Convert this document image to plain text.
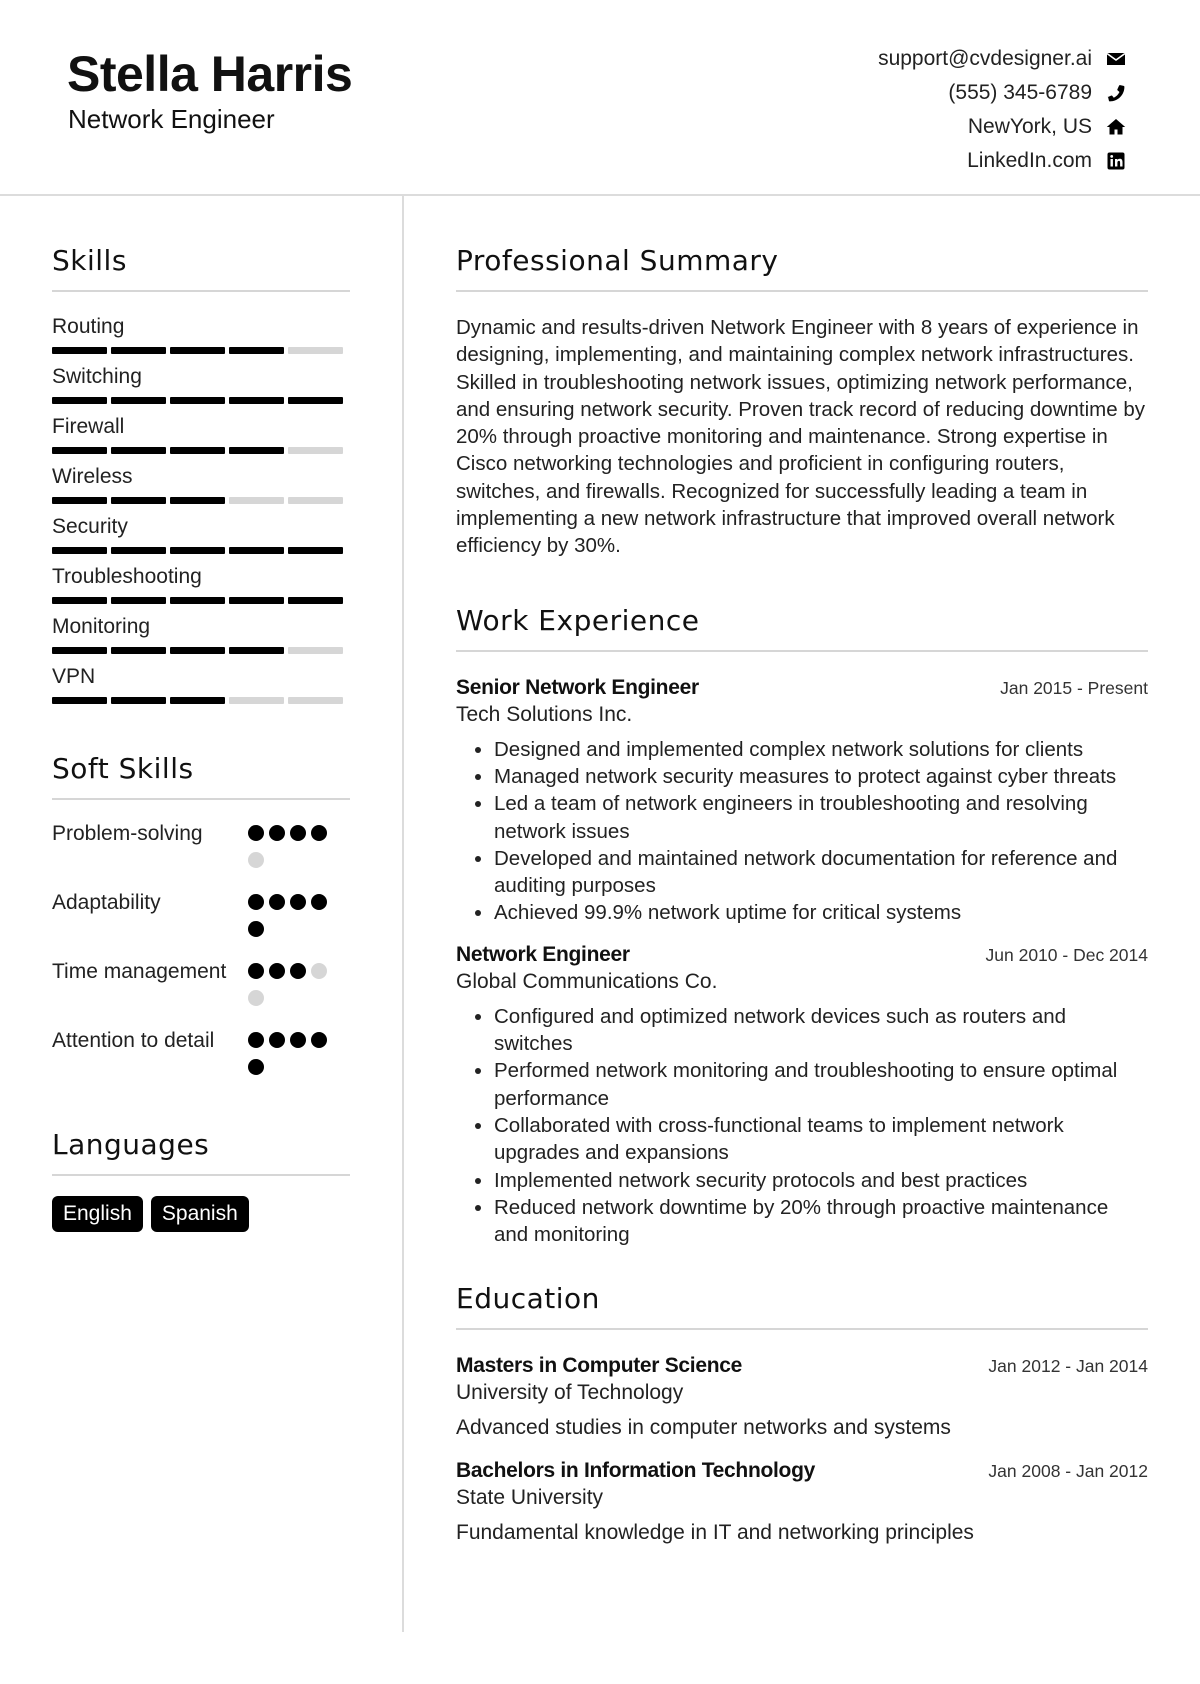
Stella Harris
Network Engineer
support@cvdesigner.ai
(555) 345-6789
NewYork, US
LinkedIn.com
Skills
Routing
Switching
Firewall
Wireless
Security
Troubleshooting
Monitoring
VPN
Soft Skills
Problem-solving
Adaptability
Time management
Attention to detail
Languages
English	Spanish
Professional Summary
Dynamic and results-driven Network Engineer with 8 years of experience in designing, implementing, and maintaining complex network infrastructures. Skilled in troubleshooting network issues, optimizing network performance, and ensuring network security. Proven track record of reducing downtime by 20% through proactive monitoring and maintenance. Strong expertise in Cisco networking technologies and proficient in configuring routers, switches, and firewalls. Recognized for successfully leading a team in implementing a new network infrastructure that improved overall network efficiency by 30%.
Work Experience
Senior Network Engineer	Jan 2015 - Present
Tech Solutions Inc.
• Designed and implemented complex network solutions for clients
• Managed network security measures to protect against cyber threats
• Led a team of network engineers in troubleshooting and resolving network issues
• Developed and maintained network documentation for reference and auditing purposes
• Achieved 99.9% network uptime for critical systems
Network Engineer	Jun 2010 - Dec 2014
Global Communications Co.
• Configured and optimized network devices such as routers and switches
• Performed network monitoring and troubleshooting to ensure optimal performance
• Collaborated with cross-functional teams to implement network upgrades and expansions
• Implemented network security protocols and best practices
• Reduced network downtime by 20% through proactive maintenance and monitoring
Education
Masters in Computer Science	Jan 2012 - Jan 2014
University of Technology
Advanced studies in computer networks and systems
Bachelors in Information Technology	Jan 2008 - Jan 2012
State University
Fundamental knowledge in IT and networking principles
